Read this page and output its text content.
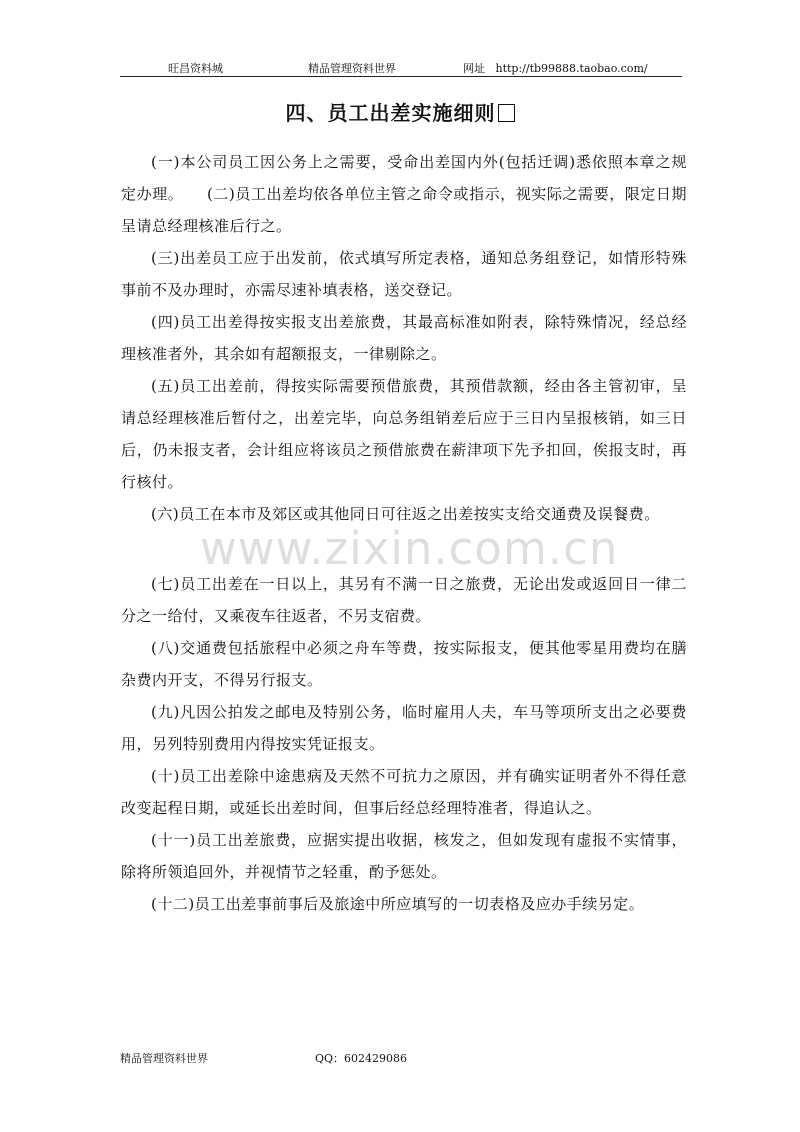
旺昌资料城	精品管理资料世界	网址 http://tb99888.taobao.com/
四、员工出差实施细则
www.zixin.com.cn

(一)本公司员工因公务上之需要，受命出差国内外(包括迁调)悉依照本章之规定办理。　　(二)员工出差均依各单位主管之命令或指示，视实际之需要，限定日期呈请总经理核准后行之。

(三)出差员工应于出发前，依式填写所定表格，通知总务组登记，如情形特殊事前不及办理时，亦需尽速补填表格，送交登记。

(四)员工出差得按实报支出差旅费，其最高标准如附表，除特殊情况，经总经理核准者外，其余如有超额报支，一律剔除之。

(五)员工出差前，得按实际需要预借旅费，其预借款额，经由各主管初审，呈请总经理核准后暂付之，出差完毕，向总务组销差后应于三日内呈报核销，如三日后，仍未报支者，会计组应将该员之预借旅费在薪津项下先予扣回，俟报支时，再行核付。

(六)员工在本市及郊区或其他同日可往返之出差按实支给交通费及误餐费。

(七)员工出差在一日以上，其另有不满一日之旅费，无论出发或返回日一律二分之一给付，又乘夜车往返者，不另支宿费。

(八)交通费包括旅程中必须之舟车等费，按实际报支，便其他零星用费均在膳杂费内开支，不得另行报支。

(九)凡因公拍发之邮电及特别公务，临时雇用人夫，车马等项所支出之必要费用，另列特别费用内得按实凭证报支。

(十)员工出差除中途患病及天然不可抗力之原因，并有确实证明者外不得任意改变起程日期，或延长出差时间，但事后经总经理特准者，得追认之。

(十一)员工出差旅费，应据实提出收据，核发之，但如发现有虚报不实情事，除将所领追回外，并视情节之轻重，酌予惩处。

(十二)员工出差事前事后及旅途中所应填写的一切表格及应办手续另定。

精品管理资料世界	QQ：602429086
